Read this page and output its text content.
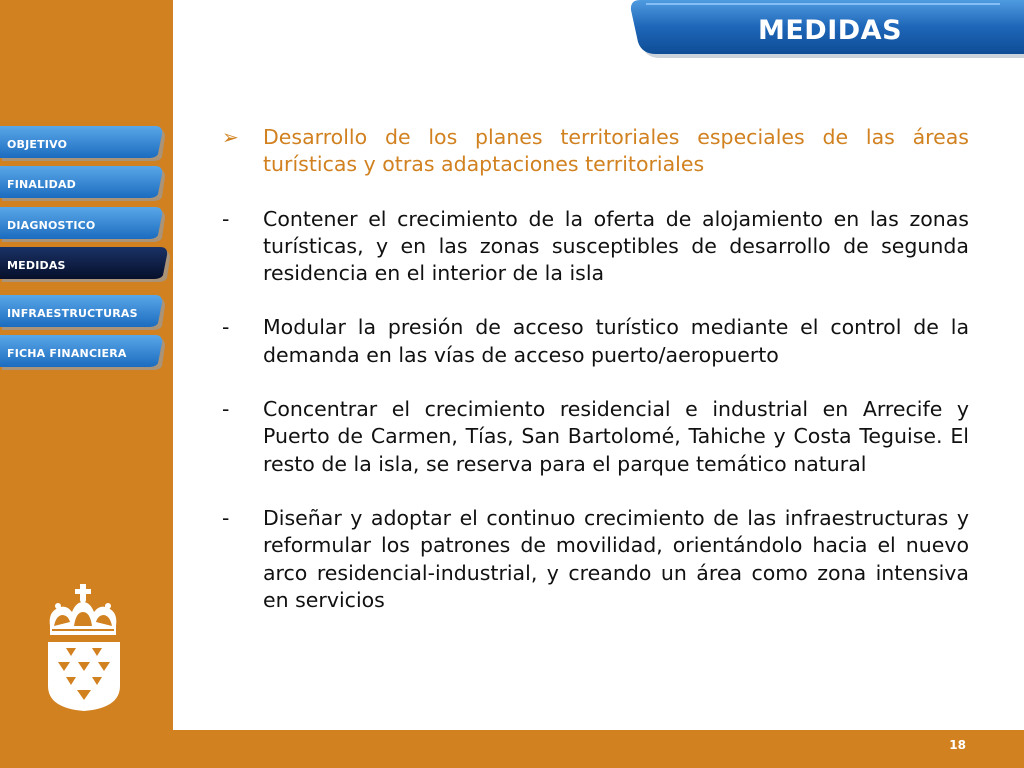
18
MEDIDAS
OBJETIVO
FINALIDAD
DIAGNOSTICO
MEDIDAS
INFRAESTRUCTURAS
FICHA FINANCIERA
➢ Desarrollo de los planes territoriales especiales de las áreas turísticas y otras adaptaciones territoriales
- Contener el crecimiento de la oferta de alojamiento en las zonas turísticas, y en las zonas susceptibles de desarrollo de segunda residencia en el interior de la isla
- Modular la presión de acceso turístico mediante el control de la demanda en las vías de acceso puerto/aeropuerto
- Concentrar el crecimiento residencial e industrial en Arrecife y Puerto de Carmen, Tías, San Bartolomé, Tahiche y Costa Teguise. El resto de la isla, se reserva para el parque temático natural
- Diseñar y adoptar el continuo crecimiento de las infraestructuras y reformular los patrones de movilidad, orientándolo hacia el nuevo arco residencial-industrial, y creando un área como zona intensiva en servicios
